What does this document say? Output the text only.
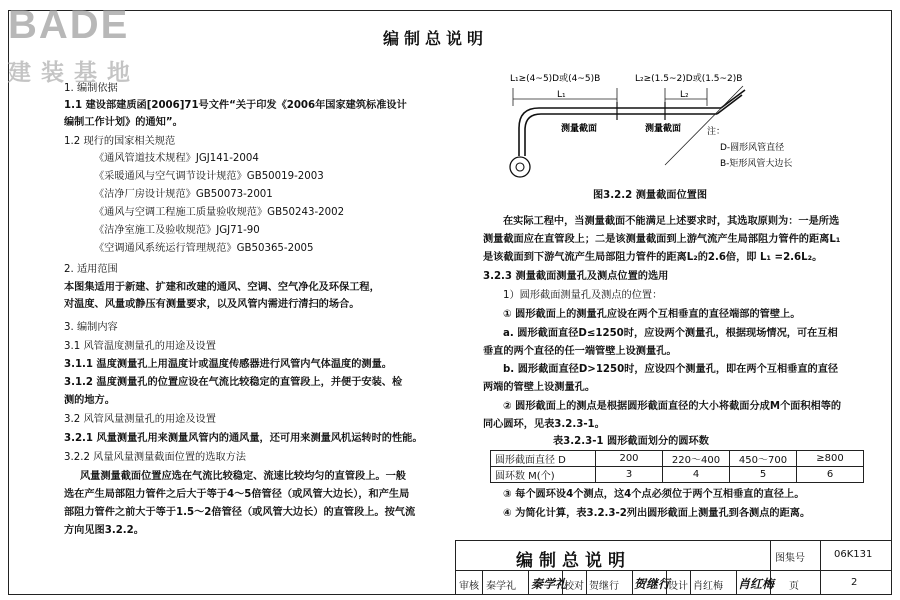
BADE
建装基地
编制总说明
1. 编制依据
1.1 建设部建质函[2006]71号文件“关于印发《2006年国家建筑标准设计
编制工作计划》的通知”。
1.2 现行的国家相关规范
《通风管道技术规程》JGJ141-2004
《采暖通风与空气调节设计规范》GB50019-2003
《洁净厂房设计规范》GB50073-2001
《通风与空调工程施工质量验收规范》GB50243-2002
《洁净室施工及验收规范》JGJ71-90
《空调通风系统运行管理规范》GB50365-2005
2. 适用范围
本图集适用于新建、扩建和改建的通风、空调、空气净化及环保工程，
对温度、风量或静压有测量要求，以及风管内需进行清扫的场合。
3. 编制内容
3.1 风管温度测量孔的用途及设置
3.1.1 温度测量孔上用温度计或温度传感器进行风管内气体温度的测量。
3.1.2 温度测量孔的位置应设在气流比较稳定的直管段上，并便于安装、检
测的地方。
3.2 风管风量测量孔的用途及设置
3.2.1 风量测量孔用来测量风管内的通风量，还可用来测量风机运转时的性能。
3.2.2 风量风量测量截面位置的选取方法
风量测量截面位置应选在气流比较稳定、流速比较均匀的直管段上。一般
选在产生局部阻力管件之后大于等于4～5倍管径（或风管大边长），和产生局
部阻力管件之前大于等于1.5～2倍管径（或风管大边长）的直管段上。按气流
方向见图3.2.2。
L₁≥(4~5)D或(4~5)B	L₂≥(1.5~2)D或(1.5~2)B
L₁	L₂
测量截面	测量截面	注：
D-圆形风管直径
B-矩形风管大边长
图3.2.2 测量截面位置图
在实际工程中，当测量截面不能满足上述要求时，其选取原则为：一是所选
测量截面应在直管段上；二是该测量截面到上游气流产生局部阻力管件的距离L₁
是该截面到下游气流产生局部阻力管件的距离L₂的2.6倍，即 L₁ =2.6L₂。
3.2.3 测量截面测量孔及测点位置的选用
1）圆形截面测量孔及测点的位置：
① 圆形截面上的测量孔应设在两个互相垂直的直径端部的管壁上。
a. 圆形截面直径D≤1250时，应设两个测量孔，根据现场情况，可在互相
垂直的两个直径的任一端管壁上设测量孔。
b. 圆形截面直径D>1250时，应设四个测量孔，即在两个互相垂直的直径
两端的管壁上设测量孔。
② 圆形截面上的测点是根据圆形截面直径的大小将截面分成M个面积相等的
同心圆环，见表3.2.3-1。
表3.2.3-1 圆形截面划分的圆环数
③ 每个圆环设4个测点，这4个点必须位于两个互相垂直的直径上。
④ 为简化计算，表3.2.3-2列出圆形截面上测量孔到各测点的距离。
圆形截面直径 D	200	220～400	450～700	≥800
圆环数 M(个)	3	4	5	6
编制总说明	图集号	06K131
审核 秦学礼 秦学礼
校对 贺继行 贺继行
设计 肖红梅 肖红梅 页	2
